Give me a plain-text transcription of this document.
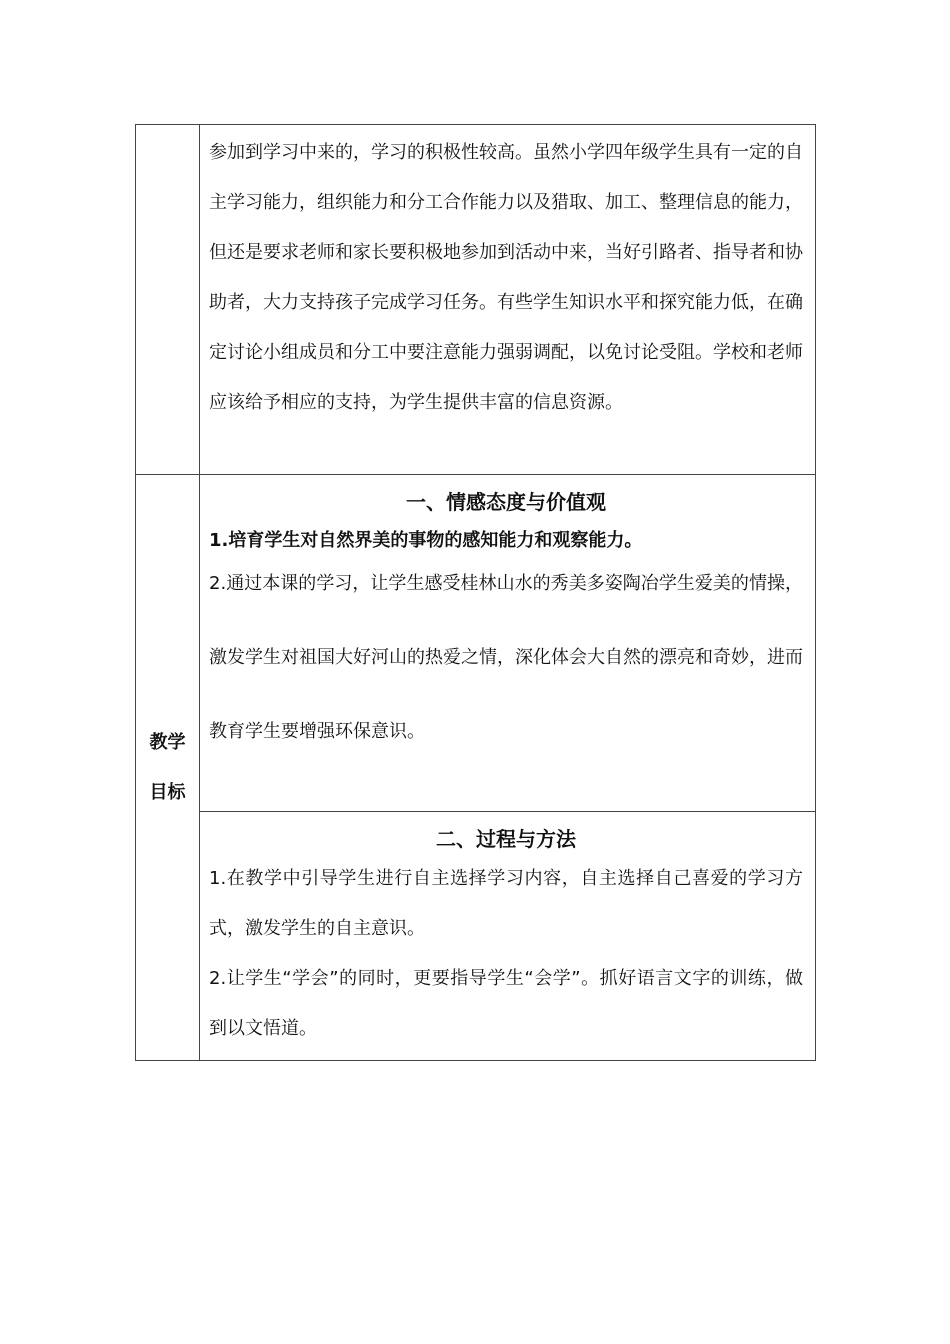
参加到学习中来的，学习的积极性较高。虽然小学四年级学生具有一定的自主学习能力，组织能力和分工合作能力以及猎取、加工、整理信息的能力，但还是要求老师和家长要积极地参加到活动中来，当好引路者、指导者和协助者，大力支持孩子完成学习任务。有些学生知识水平和探究能力低，在确定讨论小组成员和分工中要注意能力强弱调配，以免讨论受阻。学校和老师应该给予相应的支持，为学生提供丰富的信息资源。

教学目标

一、情感态度与价值观

1.培育学生对自然界美的事物的感知能力和观察能力。

2.通过本课的学习，让学生感受桂林山水的秀美多姿陶冶学生爱美的情操，激发学生对祖国大好河山的热爱之情，深化体会大自然的漂亮和奇妙，进而教育学生要增强环保意识。

二、过程与方法

1.在教学中引导学生进行自主选择学习内容，自主选择自己喜爱的学习方式，激发学生的自主意识。

2.让学生“学会”的同时，更要指导学生“会学”。抓好语言文字的训练，做到以文悟道。
